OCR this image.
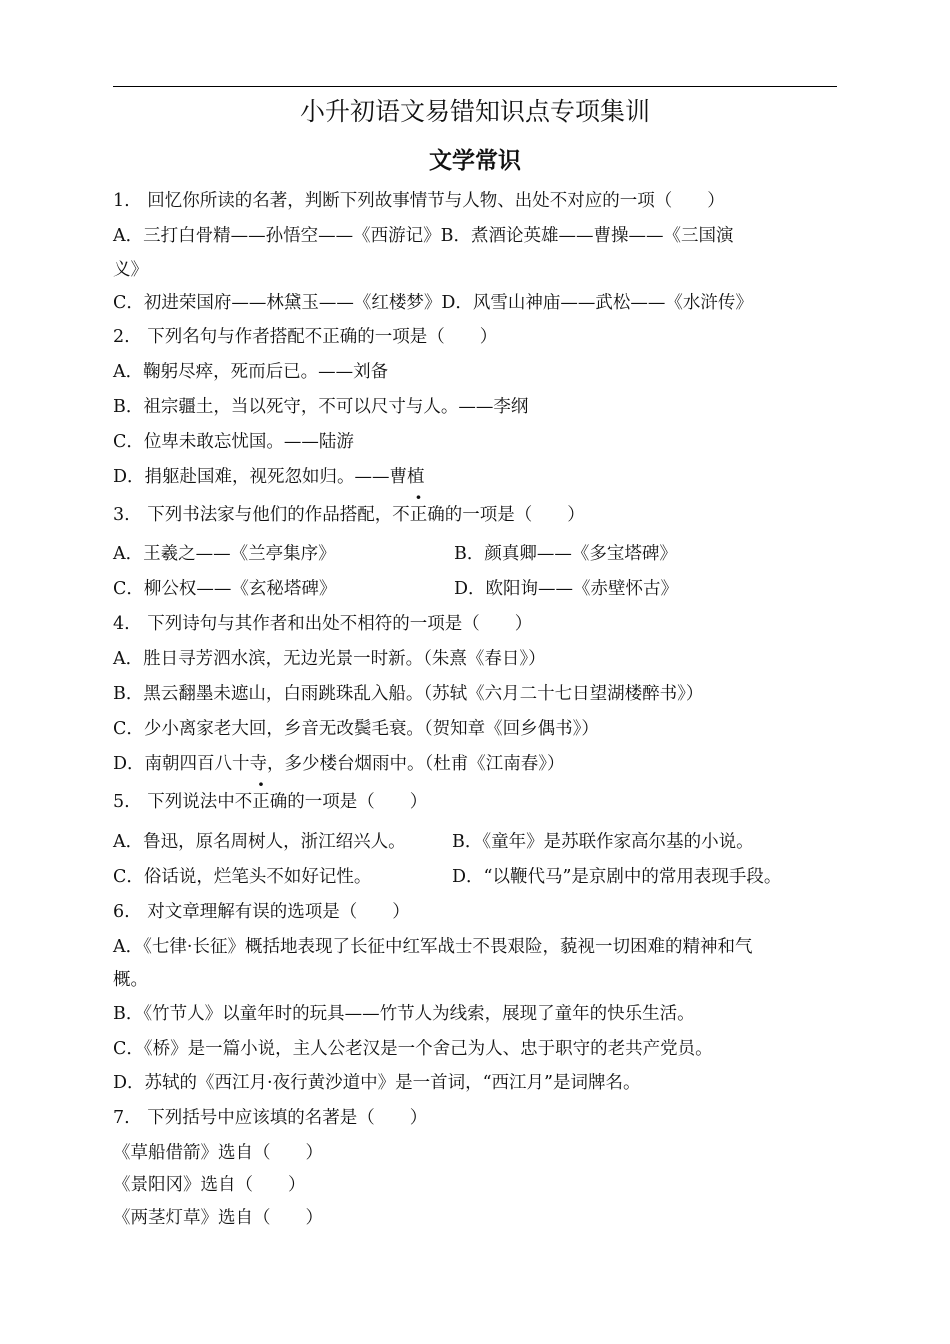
小升初语文易错知识点专项集训
文学常识
1.　回忆你所读的名著，判断下列故事情节与人物、出处不对应的一项（　　）
A．三打白骨精——孙悟空——《西游记》B．煮酒论英雄——曹操——《三国演
义》
C．初进荣国府——林黛玉——《红楼梦》D．风雪山神庙——武松——《水浒传》
2.　下列名句与作者搭配不正确的一项是（　　）
A．鞠躬尽瘁，死而后已。——刘备
B．祖宗疆土，当以死守，不可以尺寸与人。——李纲
C．位卑未敢忘忧国。——陆游
D．捐躯赴国难，视死忽如归。——曹植
3.　下列书法家与他们的作品搭配，不正确的一项是（　　）
A．王羲之——《兰亭集序》	B．颜真卿——《多宝塔碑》
C．柳公权——《玄秘塔碑》	D．欧阳询——《赤壁怀古》
4.　下列诗句与其作者和出处不相符的一项是（　　）
A．胜日寻芳泗水滨，无边光景一时新。（朱熹《春日》）
B．黑云翻墨未遮山，白雨跳珠乱入船。（苏轼《六月二十七日望湖楼醉书》）
C．少小离家老大回，乡音无改鬓毛衰。（贺知章《回乡偶书》）
D．南朝四百八十寺，多少楼台烟雨中。（杜甫《江南春》）
5.　下列说法中不正确的一项是（　　）
A．鲁迅，原名周树人，浙江绍兴人。	B．《童年》是苏联作家高尔基的小说。
C．俗话说，烂笔头不如好记性。	D．“以鞭代马”是京剧中的常用表现手段。
6.　对文章理解有误的选项是（　　）
A．《七律·长征》概括地表现了长征中红军战士不畏艰险，藐视一切困难的精神和气
概。
B．《竹节人》以童年时的玩具——竹节人为线索，展现了童年的快乐生活。
C．《桥》是一篇小说，主人公老汉是一个舍己为人、忠于职守的老共产党员。
D．苏轼的《西江月·夜行黄沙道中》是一首词，“西江月”是词牌名。
7.　下列括号中应该填的名著是（　　）
《草船借箭》选自（　　）
《景阳冈》选自（　　）
《两茎灯草》选自（　　）
